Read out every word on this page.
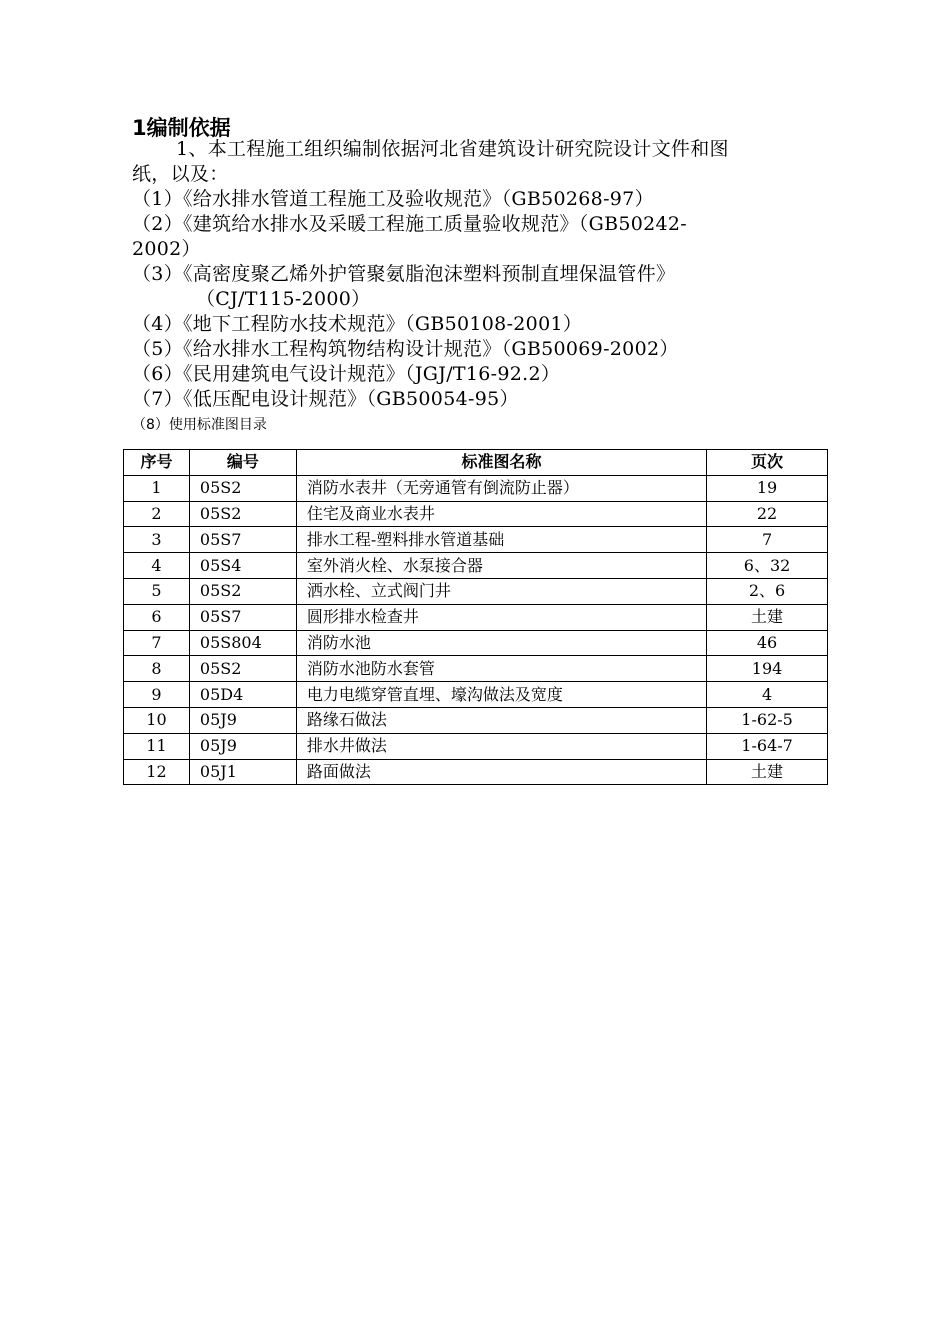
1编制依据
1、本工程施工组织编制依据河北省建筑设计研究院设计文件和图
纸，以及：
（1）《给水排水管道工程施工及验收规范》（GB50268-97）
（2）《建筑给水排水及采暖工程施工质量验收规范》（GB50242-
2002）
（3）《高密度聚乙烯外护管聚氨脂泡沫塑料预制直埋保温管件》
（CJ/T115-2000）
（4）《地下工程防水技术规范》（GB50108-2001）
（5）《给水排水工程构筑物结构设计规范》（GB50069-2002）
（6）《民用建筑电气设计规范》（JGJ/T16-92.2）
（7）《低压配电设计规范》（GB50054-95）
（8）使用标准图目录
序号	编号	标准图名称	页次
1	05S2	消防水表井（无旁通管有倒流防止器）	19
2	05S2	住宅及商业水表井	22
3	05S7	排水工程-塑料排水管道基础	7
4	05S4	室外消火栓、水泵接合器	6、32
5	05S2	洒水栓、立式阀门井	2、6
6	05S7	圆形排水检查井	土建
7	05S804	消防水池	46
8	05S2	消防水池防水套管	194
9	05D4	电力电缆穿管直埋、壕沟做法及宽度	4
10	05J9	路缘石做法	1-62-5
11	05J9	排水井做法	1-64-7
12	05J1	路面做法	土建
